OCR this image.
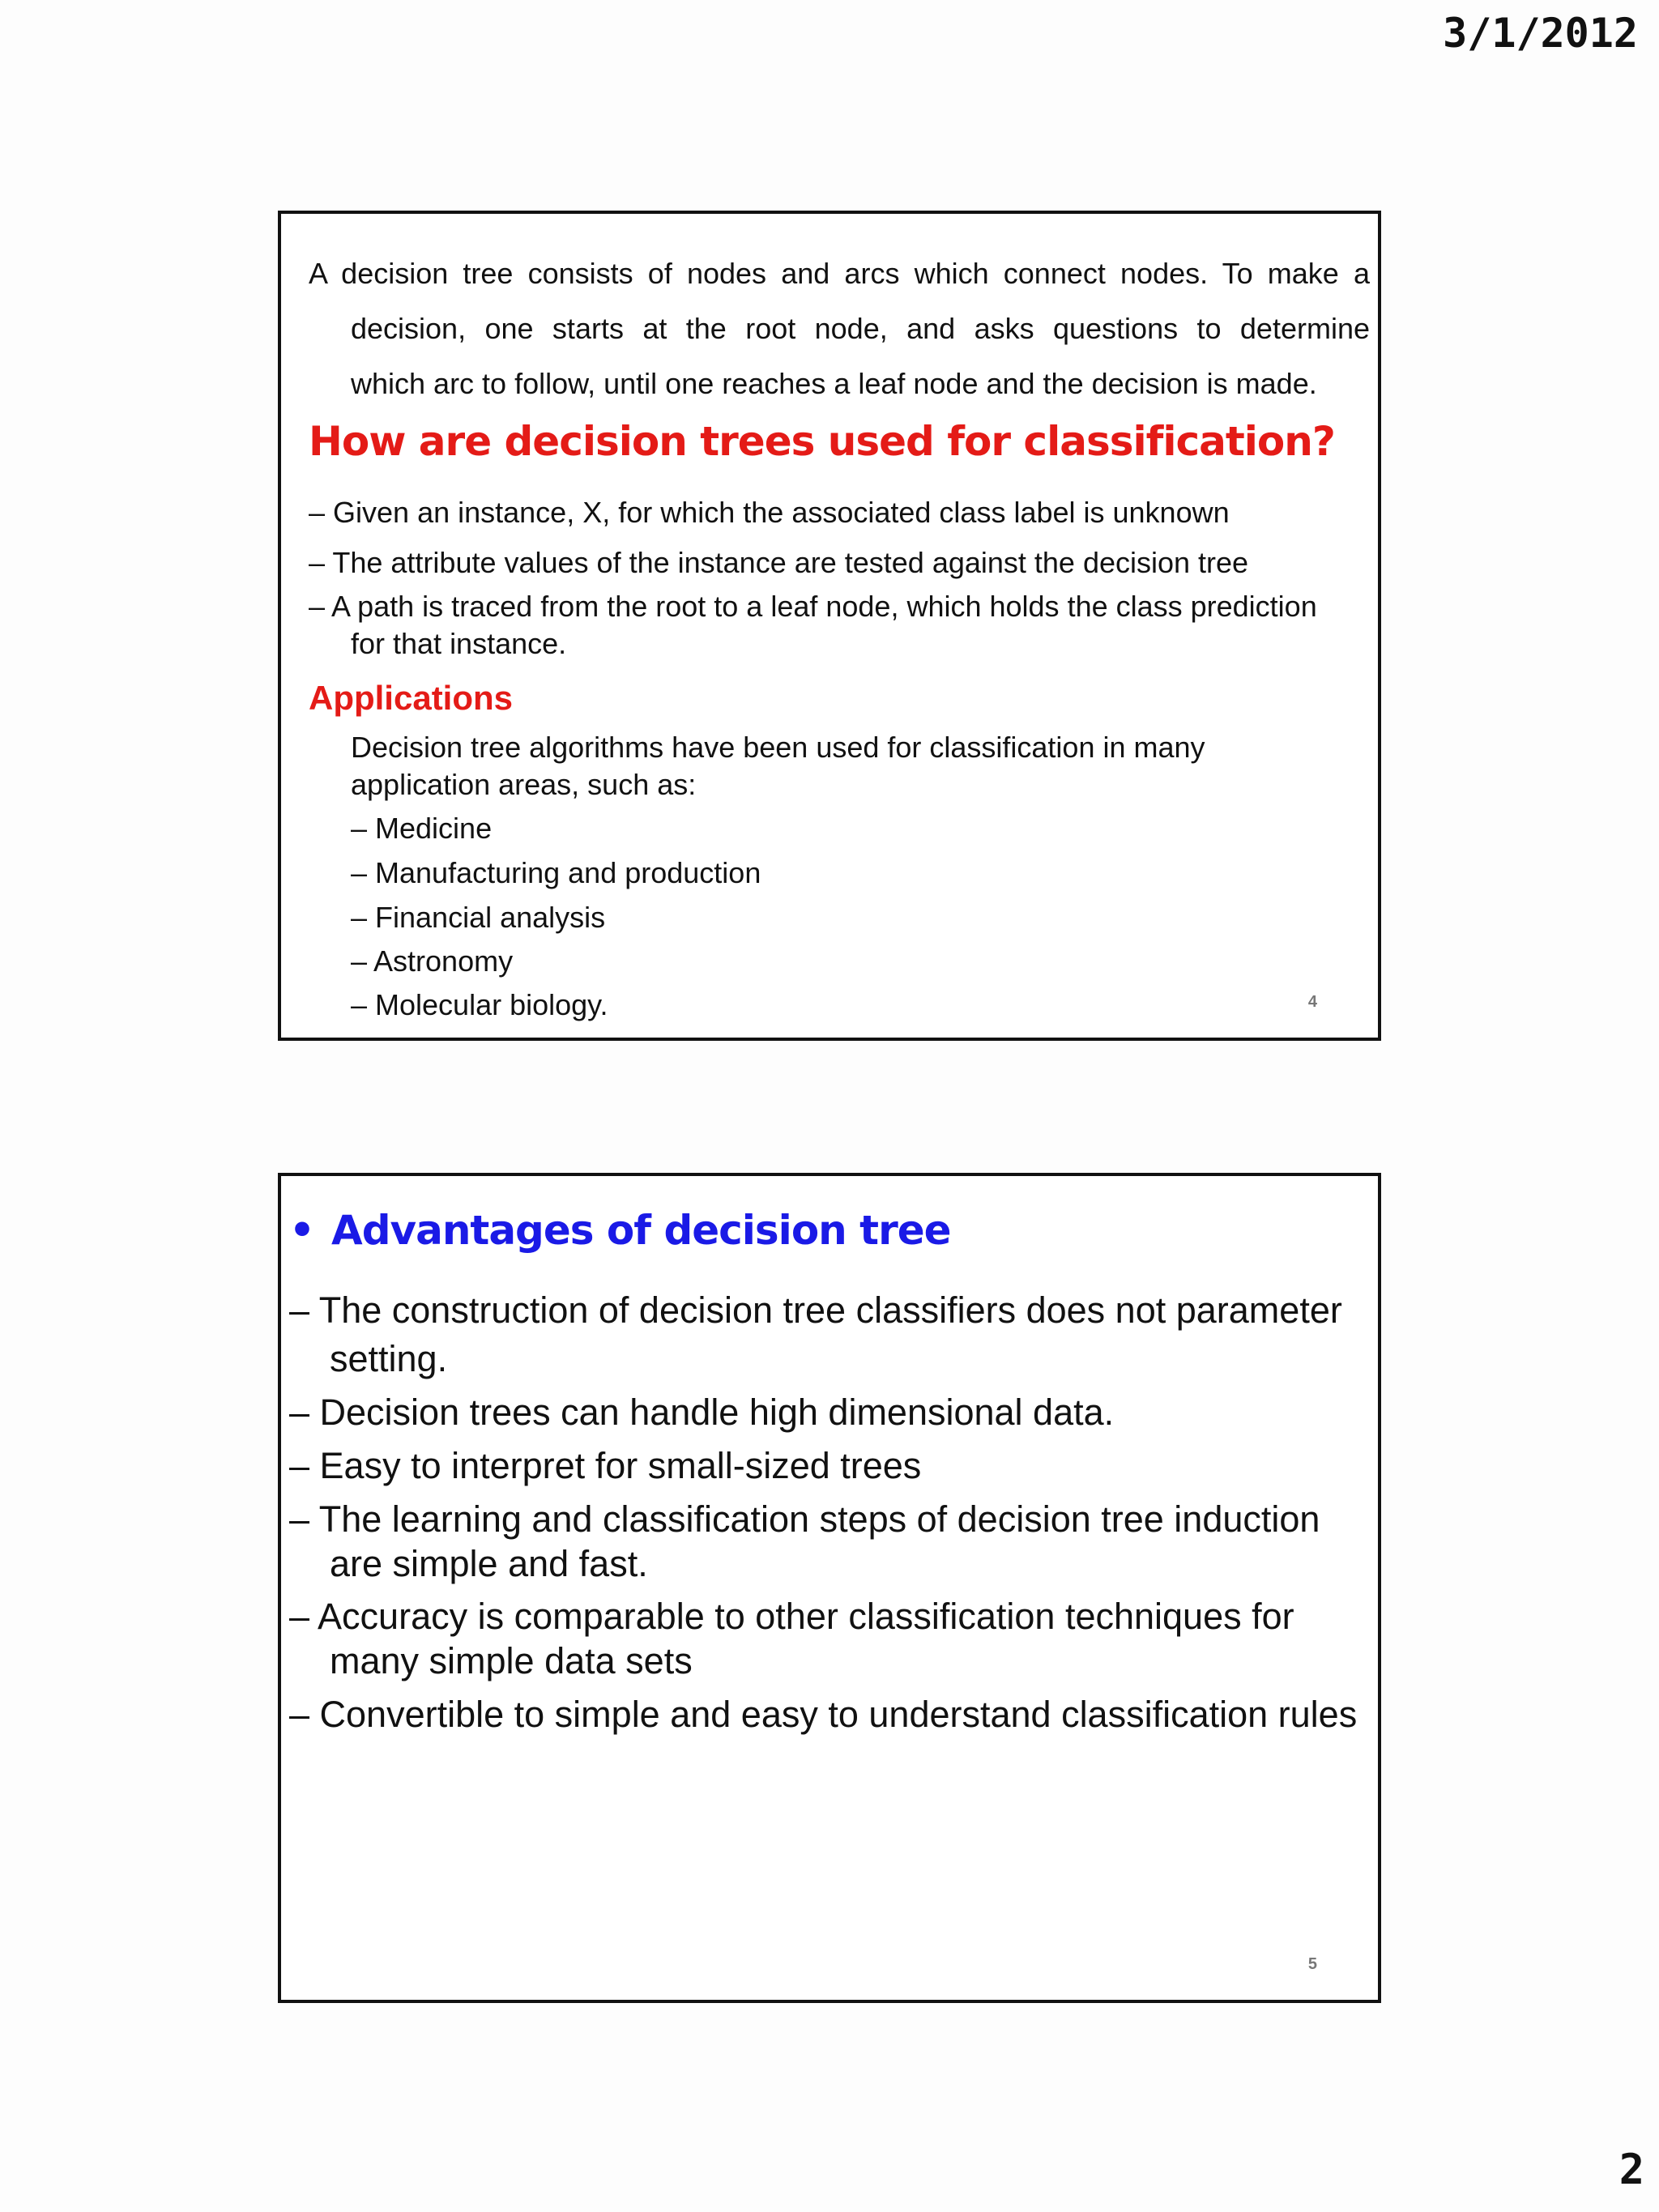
3/1/2012
A decision tree consists of nodes and arcs which connect nodes. To make a
decision, one starts at the root node, and asks questions to determine
which arc to follow, until one reaches a leaf node and the decision is made.
How are decision trees used for classification?
– Given an instance, X, for which the associated class label is unknown
– The attribute values of the instance are tested against the decision tree
– A path is traced from the root to a leaf node, which holds the class prediction
for that instance.
Applications
Decision tree algorithms have been used for classification in many
application areas, such as:
– Medicine
– Manufacturing and production
– Financial analysis
– Astronomy
– Molecular biology.	4
• Advantages of decision tree
– The construction of decision tree classifiers does not parameter
setting.
– Decision trees can handle high dimensional data.
– Easy to interpret for small-sized trees
– The learning and classification steps of decision tree induction
are simple and fast.
– Accuracy is comparable to other classification techniques for
many simple data sets
– Convertible to simple and easy to understand classification rules
5
2
